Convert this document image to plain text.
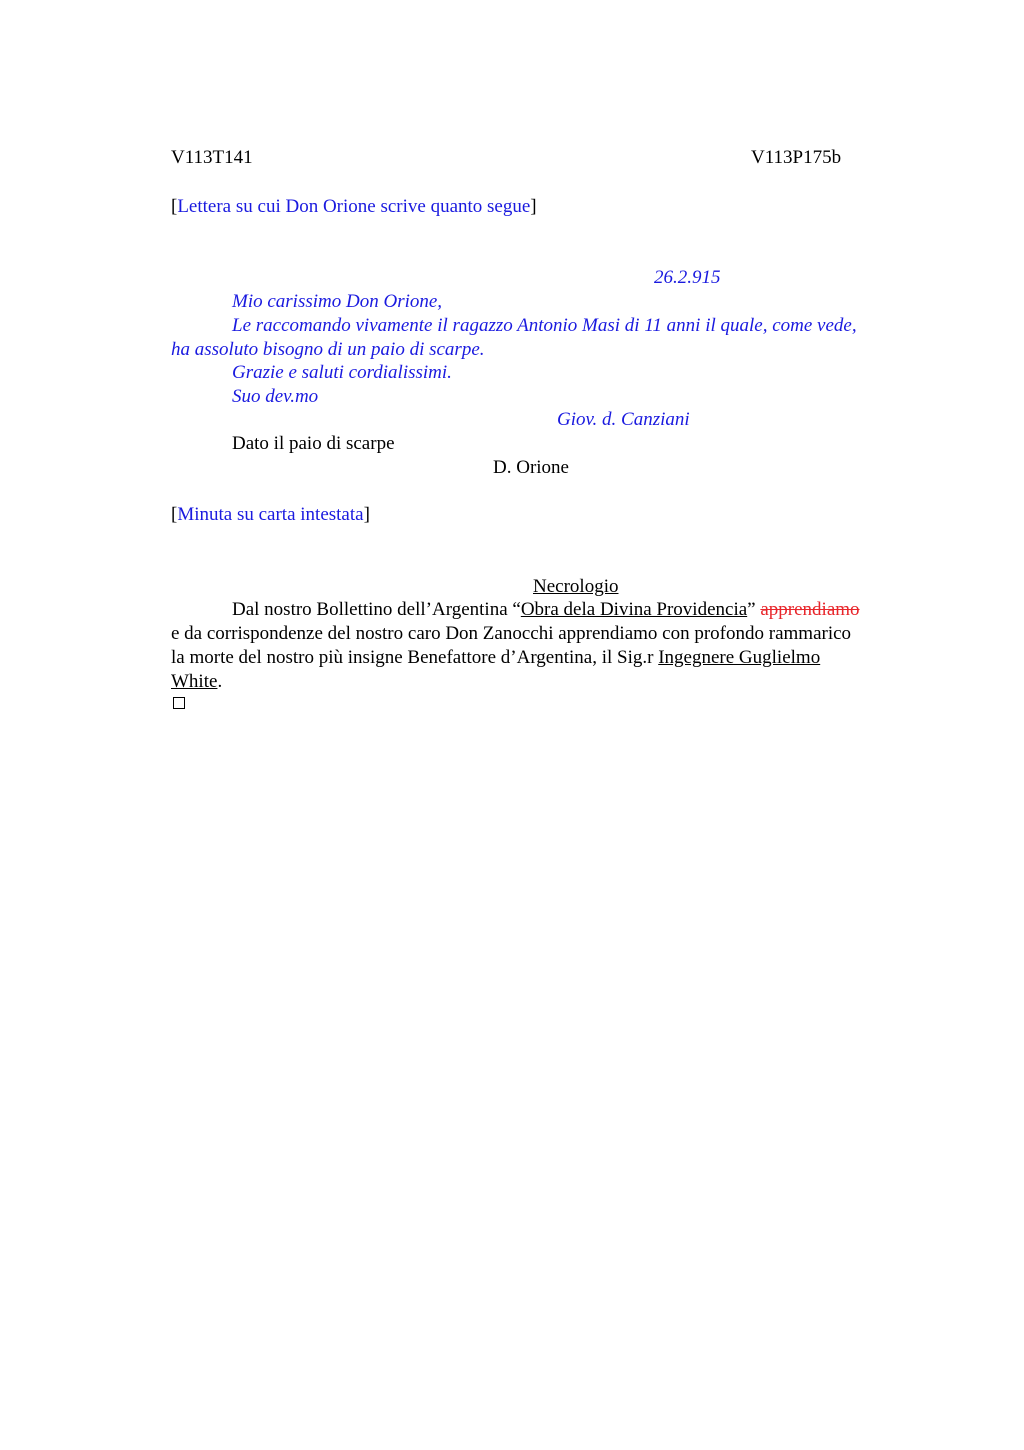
V113T141	V113P175b
[Lettera su cui Don Orione scrive quanto segue]
26.2.915
Mio carissimo Don Orione,
Le raccomando vivamente il ragazzo Antonio Masi di 11 anni il quale, come vede,
ha assoluto bisogno di un paio di scarpe.
Grazie e saluti cordialissimi.
Suo dev.mo
Giov. d. Canziani
Dato il paio di scarpe
D. Orione
[Minuta su carta intestata]
Necrologio
Dal nostro Bollettino dell’Argentina “Obra dela Divina Providencia” apprendiamo
e da corrispondenze del nostro caro Don Zanocchi apprendiamo con profondo rammarico
la morte del nostro più insigne Benefattore d’Argentina, il Sig.r Ingegnere Guglielmo
White.
